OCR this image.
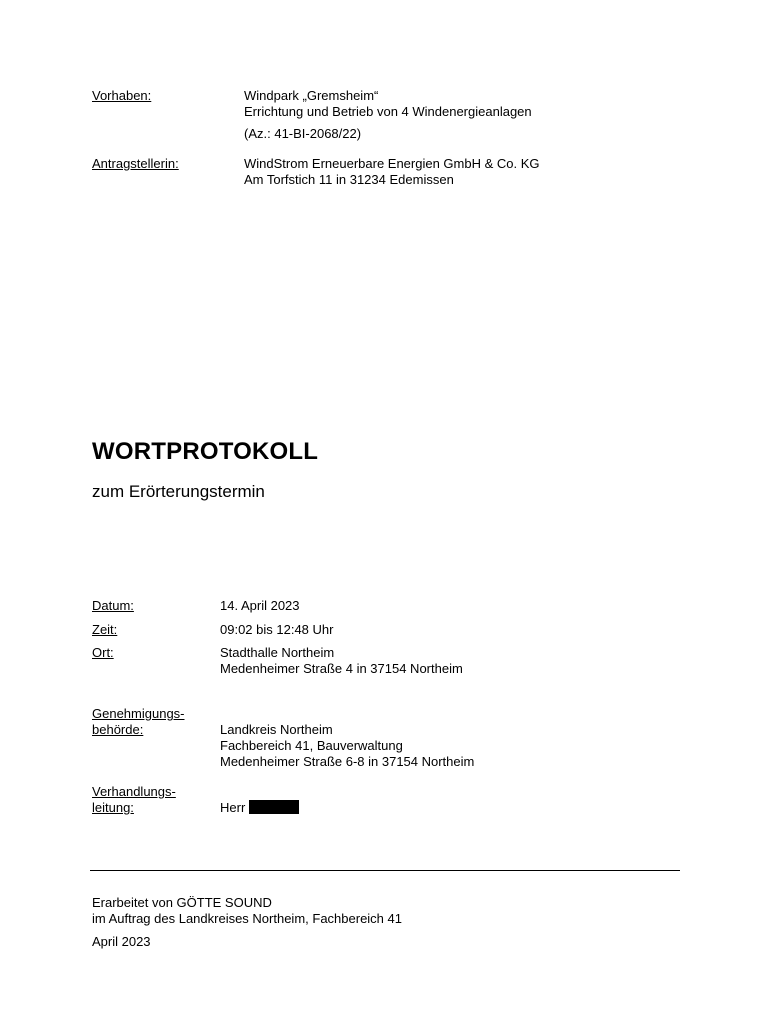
Vorhaben:	Windpark „Gremsheim“
Errichtung und Betrieb von 4 Windenergieanlagen
(Az.: 41-BI-2068/22)
Antragstellerin:	WindStrom Erneuerbare Energien GmbH & Co. KG
Am Torfstich 11 in 31234 Edemissen
WORTPROTOKOLL
zum Erörterungstermin
Datum:	14. April 2023
Zeit:	09:02 bis 12:48 Uhr
Ort:	Stadthalle Northeim
Medenheimer Straße 4 in 37154 Northeim
Genehmigungs-
behörde:	Landkreis Northeim
Fachbereich 41, Bauverwaltung
Medenheimer Straße 6-8 in 37154 Northeim
Verhandlungs-
leitung:	Herr
Erarbeitet von GÖTTE SOUND
im Auftrag des Landkreises Northeim, Fachbereich 41
April 2023
